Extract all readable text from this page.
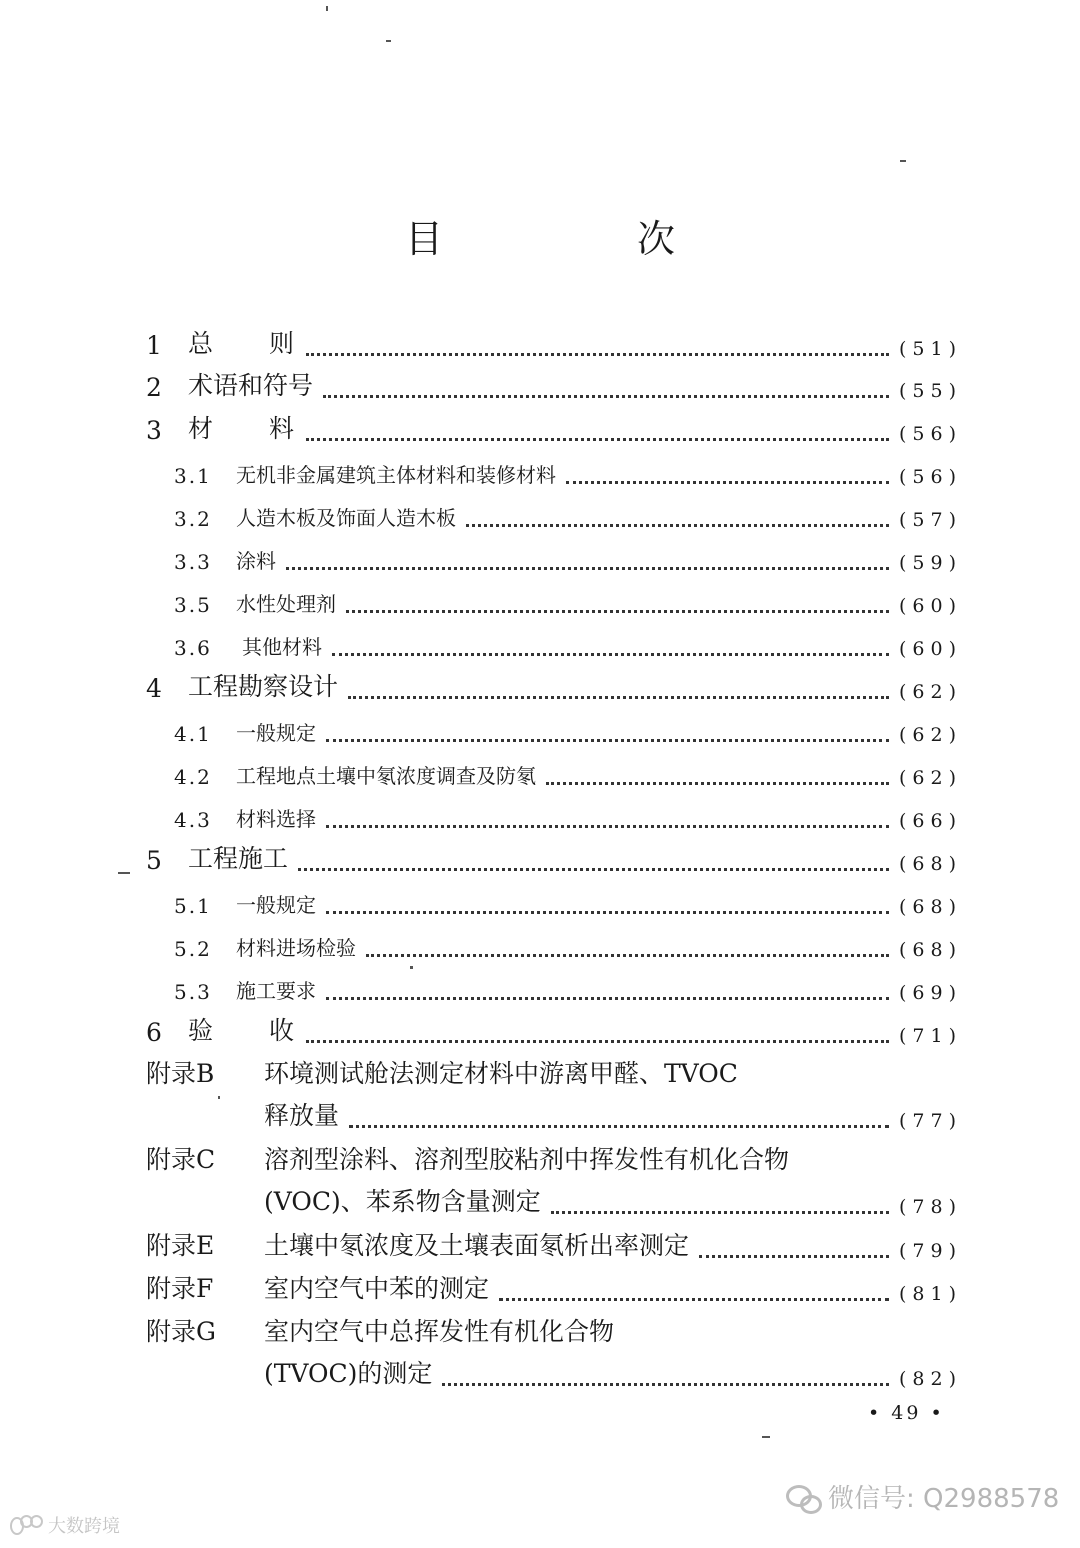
目　次
1	总　　则	(51)
2	术语和符号	(55)
3	材　　料	(56)
3.1	无机非金属建筑主体材料和装修材料	(56)
3.2	人造木板及饰面人造木板	(57)
3.3	涂料	(59)
3.5	水性处理剂	(60)
3.6	其他材料	(60)
4	工程勘察设计	(62)
4.1	一般规定	(62)
4.2	工程地点土壤中氡浓度调查及防氡	(62)
4.3	材料选择	(66)
5	工程施工	(68)
5.1	一般规定	(68)
5.2	材料进场检验	(68)
5.3	施工要求	(69)
6	验　　收	(71)
附录B	环境测试舱法测定材料中游离甲醛、TVOC
释放量	(77)
附录C	溶剂型涂料、溶剂型胶粘剂中挥发性有机化合物
(VOC)、苯系物含量测定	(78)
附录E	土壤中氡浓度及土壤表面氡析出率测定	(79)
附录F	室内空气中苯的测定	(81)
附录G	室内空气中总挥发性有机化合物
(TVOC)的测定	(82)
• 49 •
微信号: Q2988578
大数跨境
